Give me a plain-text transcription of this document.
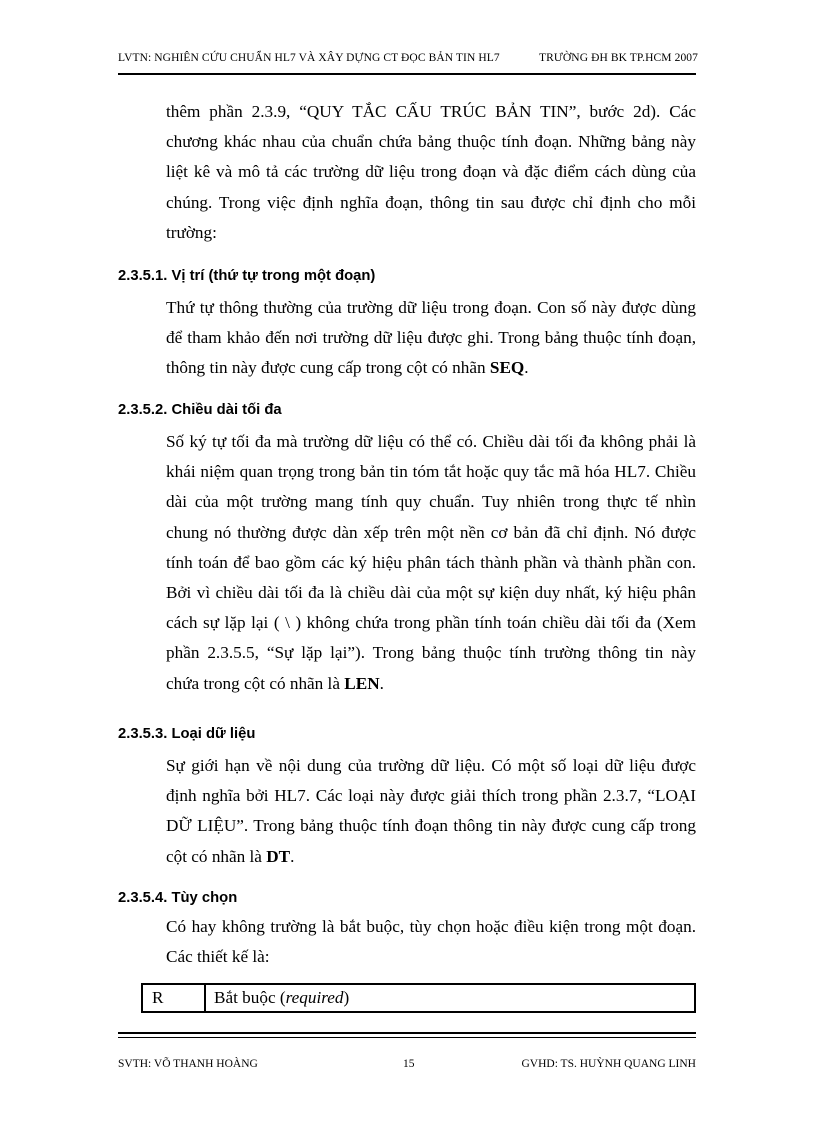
LVTN: NGHIÊN CỨU CHUẨN HL7 VÀ XÂY DỰNG CT ĐỌC BẢN TIN HL7	TRƯỜNG ĐH BK TP.HCM 2007
thêm phần 2.3.9, “QUY TẮC CẤU TRÚC BẢN TIN”, bước 2d). Các
chương khác nhau của chuẩn chứa bảng thuộc tính đoạn. Những bảng này
liệt kê và mô tả các trường dữ liệu trong đoạn và đặc điểm cách dùng của
chúng. Trong việc định nghĩa đoạn, thông tin sau được chỉ định cho mỗi
trường:
2.3.5.1. Vị trí (thứ tự trong một đoạn)
Thứ tự thông thường của trường dữ liệu trong đoạn. Con số này được dùng
để tham khảo đến nơi trường dữ liệu được ghi. Trong bảng thuộc tính đoạn,
thông tin này được cung cấp trong cột có nhãn SEQ.
2.3.5.2. Chiều dài tối đa
Số ký tự tối đa mà trường dữ liệu có thể có. Chiều dài tối đa không phải là
khái niệm quan trọng trong bản tin tóm tắt hoặc quy tắc mã hóa HL7. Chiều
dài của một trường mang tính quy chuẩn. Tuy nhiên trong thực tế nhìn
chung nó thường được dàn xếp trên một nền cơ bản đã chỉ định. Nó được
tính toán để bao gồm các ký hiệu phân tách thành phần và thành phần con.
Bởi vì chiều dài tối đa là chiều dài của một sự kiện duy nhất, ký hiệu phân
cách sự lặp lại ( \ ) không chứa trong phần tính toán chiều dài tối đa (Xem
phần 2.3.5.5, “Sự lặp lại”). Trong bảng thuộc tính trường thông tin này
chứa trong cột có nhãn là LEN.
2.3.5.3. Loại dữ liệu
Sự giới hạn về nội dung của trường dữ liệu. Có một số loại dữ liệu được
định nghĩa bởi HL7. Các loại này được giải thích trong phần 2.3.7, “LOẠI
DỮ LIỆU”. Trong bảng thuộc tính đoạn thông tin này được cung cấp trong
cột có nhãn là DT.
2.3.5.4. Tùy chọn
Có hay không trường là bắt buộc, tùy chọn hoặc điều kiện trong một đoạn.
Các thiết kế là:
R	Bắt buộc (required)
SVTH: VÕ THANH HOÀNG	15	GVHD: TS. HUỲNH QUANG LINH
